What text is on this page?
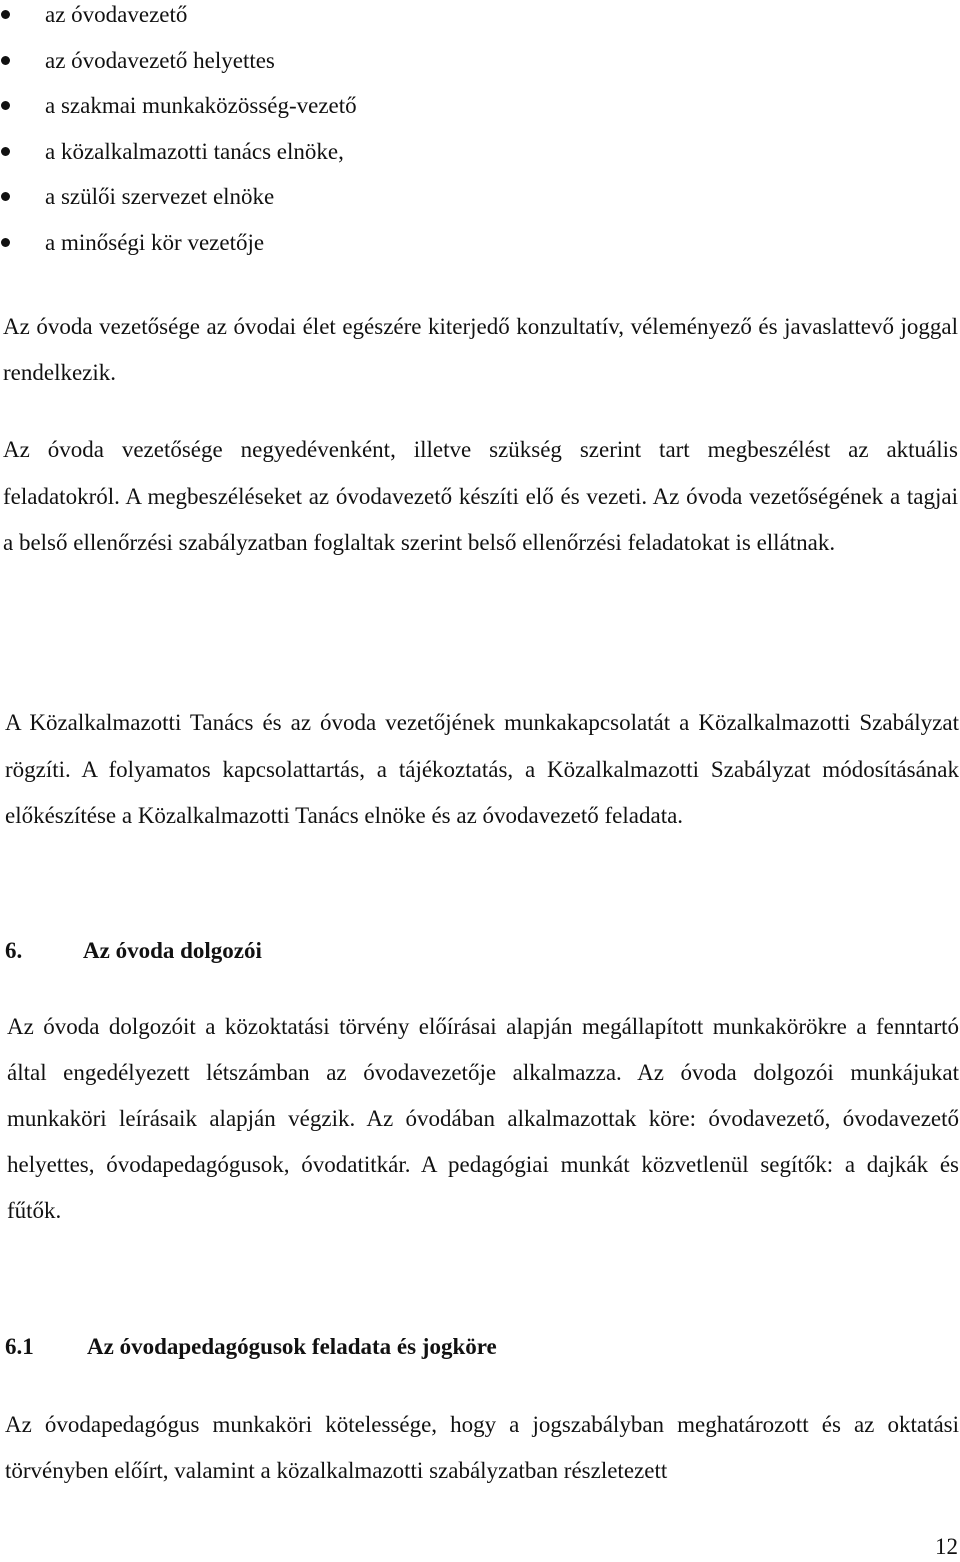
az óvodavezető
az óvodavezető helyettes
a szakmai munkaközösség-vezető
a közalkalmazotti tanács elnöke,
a szülői szervezet elnöke
a minőségi kör vezetője

Az óvoda vezetősége az óvodai élet egészére kiterjedő konzultatív, véleményező és javaslattevő joggal rendelkezik.

Az óvoda vezetősége negyedévenként, illetve szükség szerint tart megbeszélést az aktuális feladatokról. A megbeszéléseket az óvodavezető készíti elő és vezeti. Az óvoda vezetőségének a tagjai a belső ellenőrzési szabályzatban foglaltak szerint belső ellenőrzési feladatokat is ellátnak.

A Közalkalmazotti Tanács és az óvoda vezetőjének munkakapcsolatát a Közalkalmazotti Szabályzat rögzíti. A folyamatos kapcsolattartás, a tájékoztatás, a Közalkalmazotti Szabályzat módosításának előkészítése a Közalkalmazotti Tanács elnöke és az óvodavezető feladata.

6.	Az óvoda dolgozói

Az óvoda dolgozóit a közoktatási törvény előírásai alapján megállapított munkakörökre a fenntartó által engedélyezett létszámban az óvodavezetője alkalmazza. Az óvoda dolgozói munkájukat munkaköri leírásaik alapján végzik. Az óvodában alkalmazottak köre: óvodavezető, óvodavezető helyettes, óvodapedagógusok, óvodatitkár. A pedagógiai munkát közvetlenül segítők: a dajkák és fűtők.

6.1 Az óvodapedagógusok feladata és jogköre

Az óvodapedagógus munkaköri kötelessége, hogy a jogszabályban meghatározott és az oktatási törvényben előírt, valamint a közalkalmazotti szabályzatban részletezett

12
